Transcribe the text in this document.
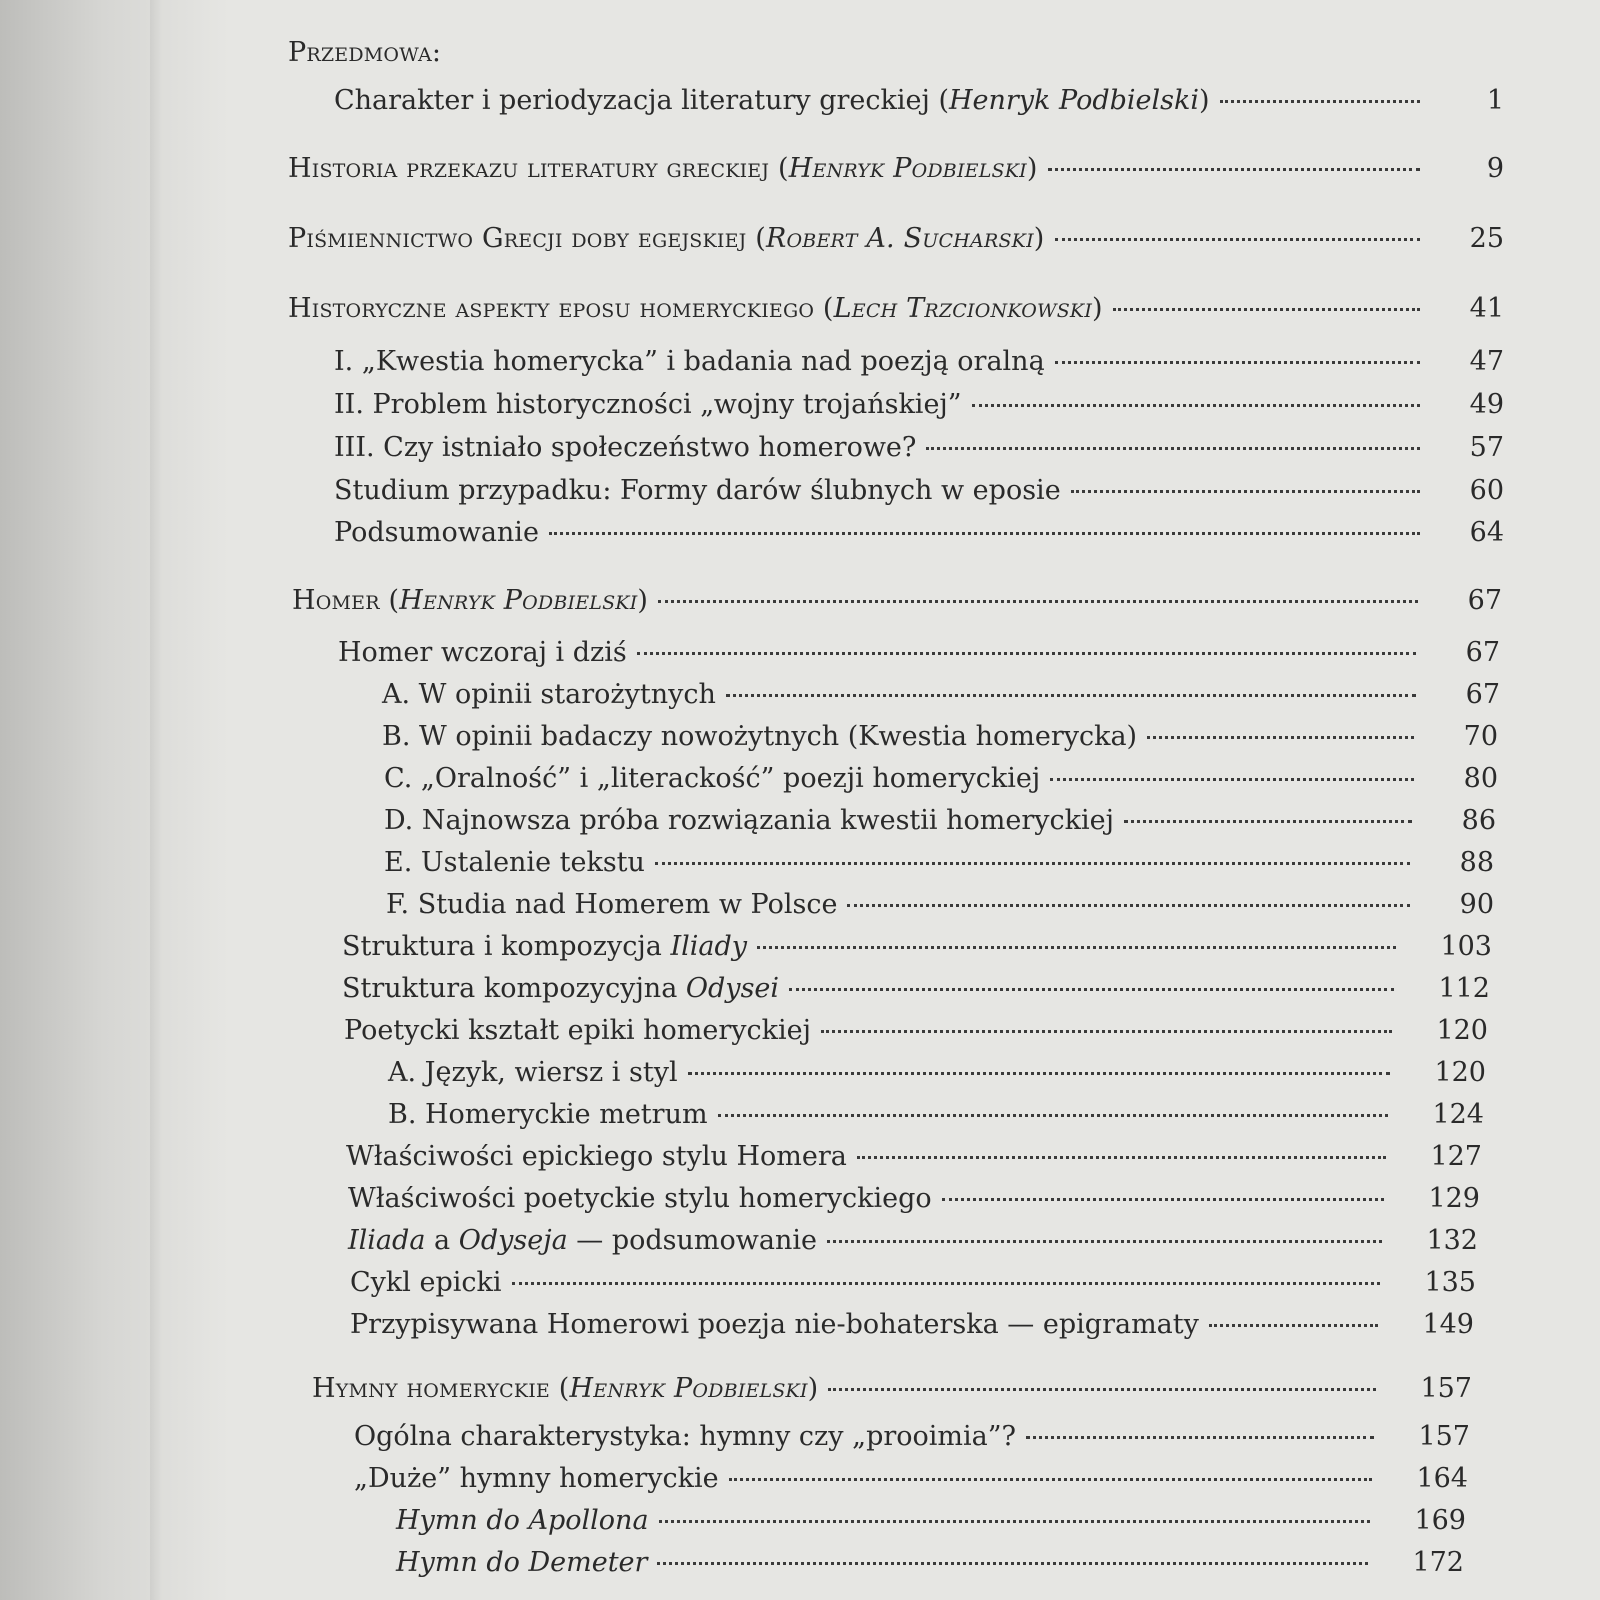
Przedmowa:
Charakter i periodyzacja literatury greckiej (Henryk Podbielski)	1
Historia przekazu literatury greckiej (Henryk Podbielski)	9
Piśmiennictwo Grecji doby egejskiej (Robert A. Sucharski)	25
Historyczne aspekty eposu homeryckiego (Lech Trzcionkowski)	41
I. „Kwestia homerycka” i badania nad poezją oralną	47
II. Problem historyczności „wojny trojańskiej”	49
III. Czy istniało społeczeństwo homerowe?	57
Studium przypadku: Formy darów ślubnych w eposie	60
Podsumowanie	64
Homer (Henryk Podbielski)	67
Homer wczoraj i dziś	67
A. W opinii starożytnych	67
B. W opinii badaczy nowożytnych (Kwestia homerycka)	70
C. „Oralność” i „literackość” poezji homeryckiej	80
D. Najnowsza próba rozwiązania kwestii homeryckiej	86
E. Ustalenie tekstu	88
F. Studia nad Homerem w Polsce	90
Struktura i kompozycja Iliady	103
Struktura kompozycyjna Odysei	112
Poetycki kształt epiki homeryckiej	120
A. Język, wiersz i styl	120
B. Homeryckie metrum	124
Właściwości epickiego stylu Homera	127
Właściwości poetyckie stylu homeryckiego	129
Iliada a Odyseja — podsumowanie	132
Cykl epicki	135
Przypisywana Homerowi poezja nie-bohaterska — epigramaty	149
Hymny homeryckie (Henryk Podbielski)	157
Ogólna charakterystyka: hymny czy „prooimia”?	157
„Duże” hymny homeryckie	164
Hymn do Apollona	169
Hymn do Demeter	172
